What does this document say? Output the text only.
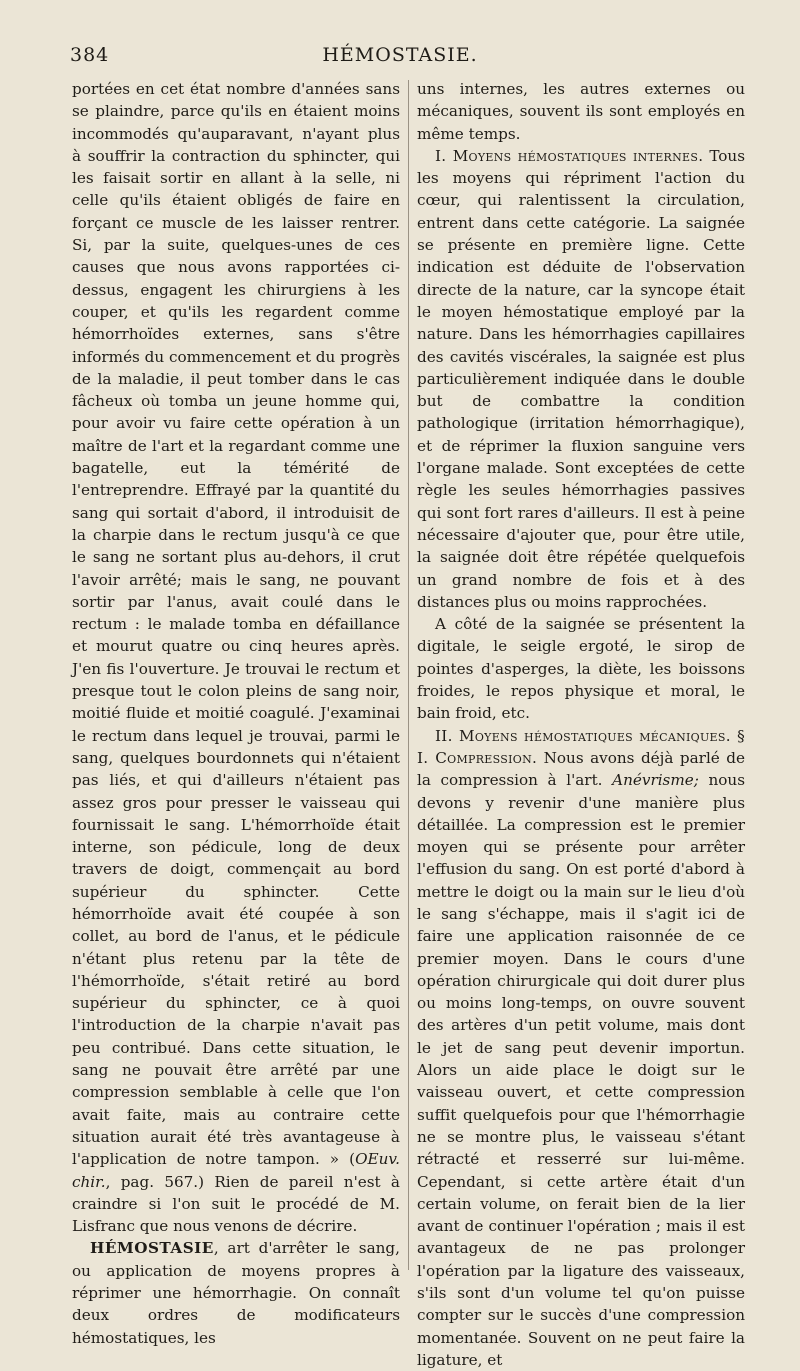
384	HÉMOSTASIE.

portées en cet état nombre d'années sans se plaindre, parce qu'ils en étaient moins incommodés qu'auparavant, n'ayant plus à souffrir la contraction du sphincter, qui les faisait sortir en allant à la selle, ni celle qu'ils étaient obligés de faire en forçant ce muscle de les laisser rentrer. Si, par la suite, quelques-unes de ces causes que nous avons rapportées ci-dessus, engagent les chirurgiens à les couper, et qu'ils les regardent comme hémorrhoïdes externes, sans s'être informés du commencement et du progrès de la maladie, il peut tomber dans le cas fâcheux où tomba un jeune homme qui, pour avoir vu faire cette opération à un maître de l'art et la regardant comme une bagatelle, eut la témérité de l'entreprendre. Effrayé par la quantité du sang qui sortait d'abord, il introduisit de la charpie dans le rectum jusqu'à ce que le sang ne sortant plus au-dehors, il crut l'avoir arrêté; mais le sang, ne pouvant sortir par l'anus, avait coulé dans le rectum : le malade tomba en défaillance et mourut quatre ou cinq heures après. J'en fis l'ouverture. Je trouvai le rectum et presque tout le colon pleins de sang noir, moitié fluide et moitié coagulé. J'examinai le rectum dans lequel je trouvai, parmi le sang, quelques bourdonnets qui n'étaient pas liés, et qui d'ailleurs n'étaient pas assez gros pour presser le vaisseau qui fournissait le sang. L'hémorrhoïde était interne, son pédicule, long de deux travers de doigt, commençait au bord supérieur du sphincter. Cette hémorrhoïde avait été coupée à son collet, au bord de l'anus, et le pédicule n'étant plus retenu par la tête de l'hémorrhoïde, s'était retiré au bord supérieur du sphincter, ce à quoi l'introduction de la charpie n'avait pas peu contribué. Dans cette situation, le sang ne pouvait être arrêté par une compression semblable à celle que l'on avait faite, mais au contraire cette situation aurait été très avantageuse à l'application de notre tampon. » (OEuv. chir., pag. 567.) Rien de pareil n'est à craindre si l'on suit le procédé de M. Lisfranc que nous venons de décrire.

HÉMOSTASIE, art d'arrêter le sang, ou application de moyens propres à réprimer une hémorrhagie. On connaît deux ordres de modificateurs hémostatiques, les

uns internes, les autres externes ou mécaniques, souvent ils sont employés en même temps.

I. Moyens hémostatiques internes. Tous les moyens qui répriment l'action du cœur, qui ralentissent la circulation, entrent dans cette catégorie. La saignée se présente en première ligne. Cette indication est déduite de l'observation directe de la nature, car la syncope était le moyen hémostatique employé par la nature. Dans les hémorrhagies capillaires des cavités viscérales, la saignée est plus particulièrement indiquée dans le double but de combattre la condition pathologique (irritation hémorrhagique), et de réprimer la fluxion sanguine vers l'organe malade. Sont exceptées de cette règle les seules hémorrhagies passives qui sont fort rares d'ailleurs. Il est à peine nécessaire d'ajouter que, pour être utile, la saignée doit être répétée quelquefois un grand nombre de fois et à des distances plus ou moins rapprochées.

A côté de la saignée se présentent la digitale, le seigle ergoté, le sirop de pointes d'asperges, la diète, les boissons froides, le repos physique et moral, le bain froid, etc.

II. Moyens hémostatiques mécaniques. § I. Compression. Nous avons déjà parlé de la compression à l'art. Anévrisme; nous devons y revenir d'une manière plus détaillée. La compression est le premier moyen qui se présente pour arrêter l'effusion du sang. On est porté d'abord à mettre le doigt ou la main sur le lieu d'où le sang s'échappe, mais il s'agit ici de faire une application raisonnée de ce premier moyen. Dans le cours d'une opération chirurgicale qui doit durer plus ou moins long-temps, on ouvre souvent des artères d'un petit volume, mais dont le jet de sang peut devenir importun. Alors un aide place le doigt sur le vaisseau ouvert, et cette compression suffit quelquefois pour que l'hémorrhagie ne se montre plus, le vaisseau s'étant rétracté et resserré sur lui-même. Cependant, si cette artère était d'un certain volume, on ferait bien de la lier avant de continuer l'opération ; mais il est avantageux de ne pas prolonger l'opération par la ligature des vaisseaux, s'ils sont d'un volume tel qu'on puisse compter sur le succès d'une compression momentanée. Souvent on ne peut faire la ligature, et
